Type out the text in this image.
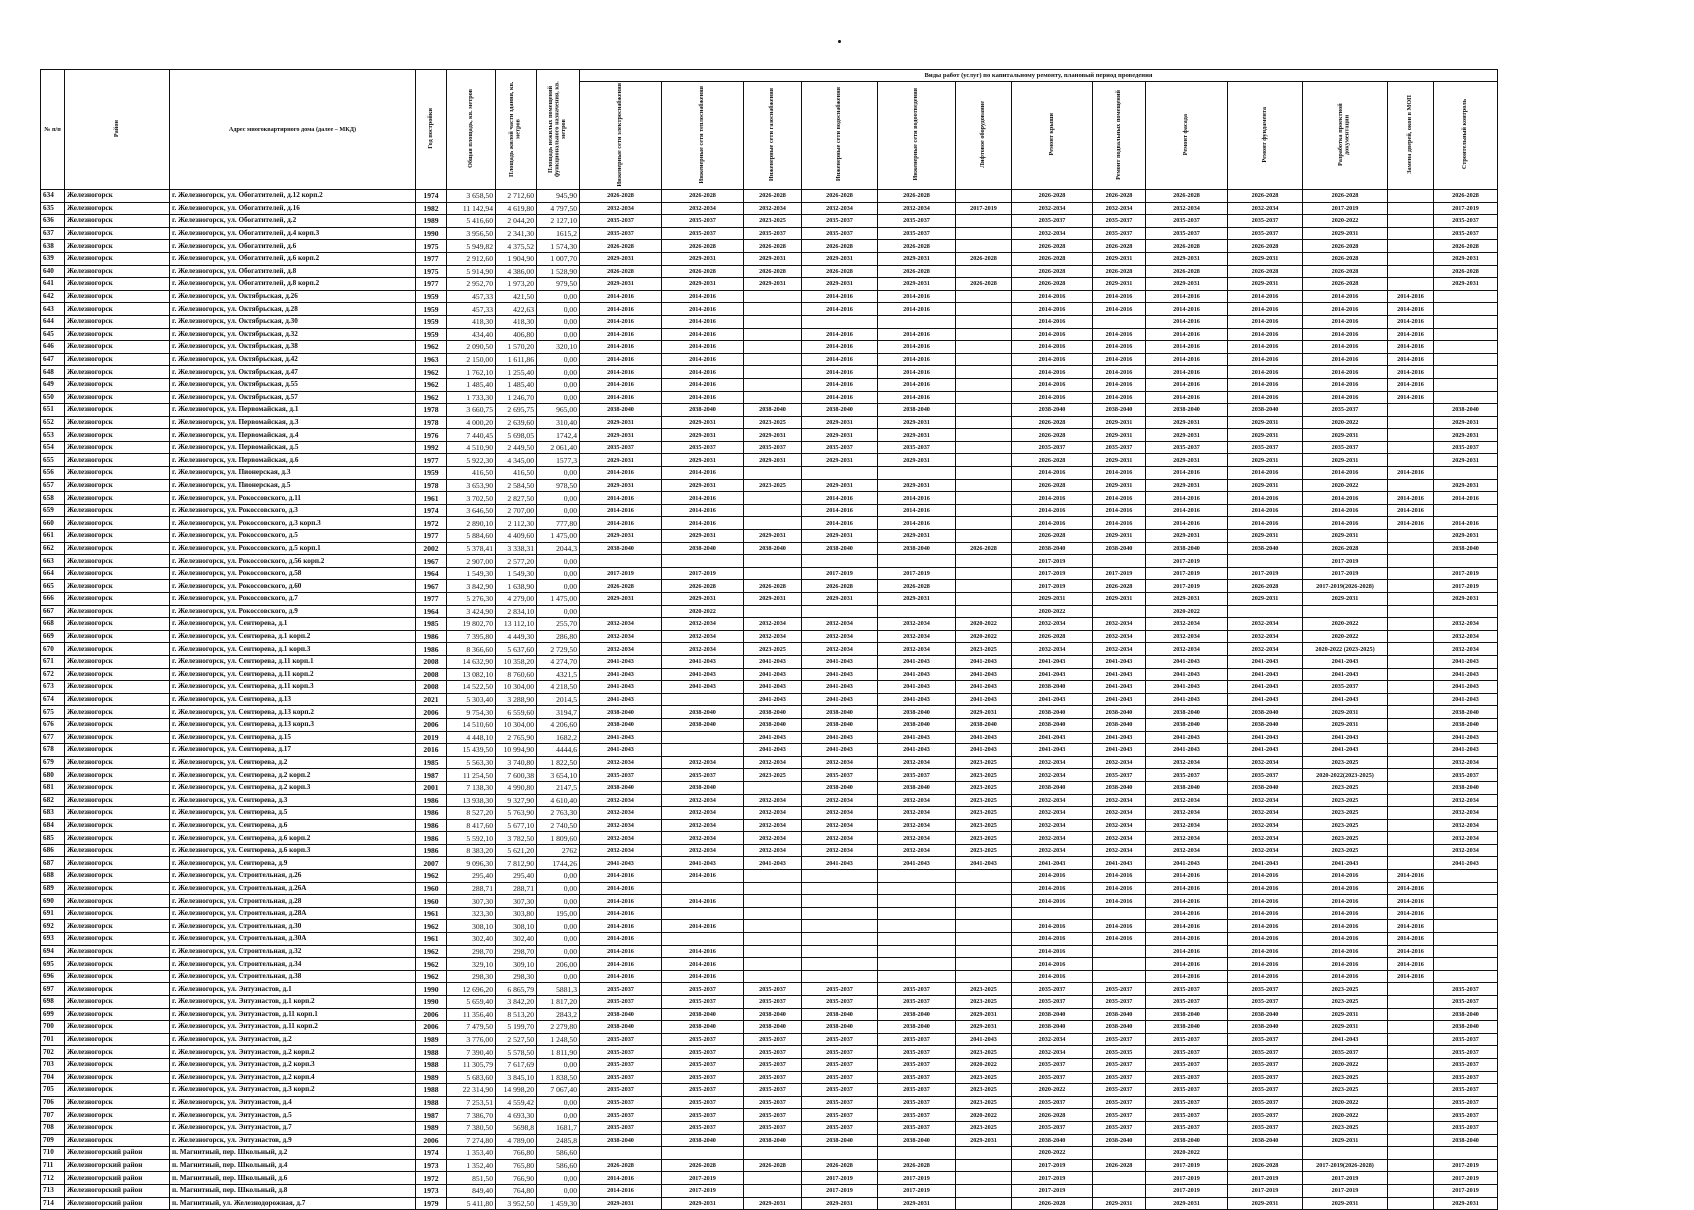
№ п/п	Район	Адрес многоквартирного дома (далее – МКД)	Год постройки	Общая площадь, кв. метров	Площадь жилой части здания, кв. метров	Площадь нежилых помещений функционального назначения, кв. метров	Виды работ (услуг) по капитальному ремонту, плановый период проведения												
							Инженерные сети электроснабжения	Инженерные сети теплоснабжения	Инженерные сети газоснабжения	Инженерные сети водоснабжения	Инженерные сети водоотведения	Лифтовое оборудование	Ремонт крыши	Ремонт подвальных помещений	Ремонт фасада	Ремонт фундамента	Разработка проектной документации	Замена дверей, окон в МОП	Строительный контроль
634	Железногорск	г. Железногорск, ул. Обогатителей, д.12 корп.2	1974	3 658,50	2 712,60	945,90	2026-2028	2026-2028	2026-2028	2026-2028	2026-2028		2026-2028	2026-2028	2026-2028	2026-2028	2026-2028		2026-2028
635	Железногорск	г. Железногорск, ул. Обогатителей, д.16	1982	11 142,94	4 619,80	4 797,50	2032-2034	2032-2034	2032-2034	2032-2034	2032-2034	2017-2019	2032-2034	2032-2034	2032-2034	2032-2034	2017-2019		2017-2019
636	Железногорск	г. Железногорск, ул. Обогатителей, д.2	1989	5 416,60	2 044,20	2 127,10	2035-2037	2035-2037	2023-2025	2035-2037	2035-2037		2035-2037	2035-2037	2035-2037	2035-2037	2020-2022		2035-2037
637	Железногорск	г. Железногорск, ул. Обогатителей, д.4 корп.3	1990	3 956,50	2 341,30	1615,2	2035-2037	2035-2037	2035-2037	2035-2037	2035-2037		2032-2034	2035-2037	2035-2037	2035-2037	2029-2031		2035-2037
638	Железногорск	г. Железногорск, ул. Обогатителей, д.6	1975	5 949,82	4 375,52	1 574,30	2026-2028	2026-2028	2026-2028	2026-2028	2026-2028		2026-2028	2026-2028	2026-2028	2026-2028	2026-2028		2026-2028
639	Железногорск	г. Железногорск, ул. Обогатителей, д.6 корп.2	1977	2 912,60	1 904,90	1 007,70	2029-2031	2029-2031	2029-2031	2029-2031	2029-2031	2026-2028	2026-2028	2029-2031	2029-2031	2029-2031	2026-2028		2029-2031
640	Железногорск	г. Железногорск, ул. Обогатителей, д.8	1975	5 914,90	4 386,00	1 528,90	2026-2028	2026-2028	2026-2028	2026-2028	2026-2028		2026-2028	2026-2028	2026-2028	2026-2028	2026-2028		2026-2028
641	Железногорск	г. Железногорск, ул. Обогатителей, д.8 корп.2	1977	2 952,70	1 973,20	979,50	2029-2031	2029-2031	2029-2031	2029-2031	2029-2031	2026-2028	2026-2028	2029-2031	2029-2031	2029-2031	2026-2028		2029-2031
642	Железногорск	г. Железногорск, ул. Октябрьская, д.26	1959	457,33	421,50	0,00	2014-2016	2014-2016		2014-2016	2014-2016		2014-2016	2014-2016	2014-2016	2014-2016	2014-2016	2014-2016	
643	Железногорск	г. Железногорск, ул. Октябрьская, д.28	1959	457,33	422,63	0,00	2014-2016	2014-2016		2014-2016	2014-2016		2014-2016	2014-2016	2014-2016	2014-2016	2014-2016	2014-2016	
644	Железногорск	г. Железногорск, ул. Октябрьская, д.30	1959	418,30	418,30	0,00	2014-2016	2014-2016					2014-2016		2014-2016	2014-2016	2014-2016	2014-2016	
645	Железногорск	г. Железногорск, ул. Октябрьская, д.32	1959	434,40	406,80	0,00	2014-2016	2014-2016		2014-2016	2014-2016		2014-2016	2014-2016	2014-2016	2014-2016	2014-2016	2014-2016	
646	Железногорск	г. Железногорск, ул. Октябрьская, д.38	1962	2 090,50	1 570,20	320,10	2014-2016	2014-2016		2014-2016	2014-2016		2014-2016	2014-2016	2014-2016	2014-2016	2014-2016	2014-2016	
647	Железногорск	г. Железногорск, ул. Октябрьская, д.42	1963	2 150,00	1 611,86	0,00	2014-2016	2014-2016		2014-2016	2014-2016		2014-2016	2014-2016	2014-2016	2014-2016	2014-2016	2014-2016	
648	Железногорск	г. Железногорск, ул. Октябрьская, д.47	1962	1 762,10	1 255,40	0,00	2014-2016	2014-2016		2014-2016	2014-2016		2014-2016	2014-2016	2014-2016	2014-2016	2014-2016	2014-2016	
649	Железногорск	г. Железногорск, ул. Октябрьская, д.55	1962	1 485,40	1 485,40	0,00	2014-2016	2014-2016		2014-2016	2014-2016		2014-2016	2014-2016	2014-2016	2014-2016	2014-2016	2014-2016	
650	Железногорск	г. Железногорск, ул. Октябрьская, д.57	1962	1 733,30	1 246,70	0,00	2014-2016	2014-2016		2014-2016	2014-2016		2014-2016	2014-2016	2014-2016	2014-2016	2014-2016	2014-2016	
651	Железногорск	г. Железногорск, ул. Первомайская, д.1	1978	3 660,75	2 695,75	965,00	2038-2040	2038-2040	2038-2040	2038-2040	2038-2040		2038-2040	2038-2040	2038-2040	2038-2040	2035-2037		2038-2040
652	Железногорск	г. Железногорск, ул. Первомайская, д.3	1978	4 000,20	2 639,60	310,40	2029-2031	2029-2031	2023-2025	2029-2031	2029-2031		2026-2028	2029-2031	2029-2031	2029-2031	2020-2022		2029-2031
653	Железногорск	г. Железногорск, ул. Первомайская, д.4	1976	7 440,45	5 698,05	1742,4	2029-2031	2029-2031	2029-2031	2029-2031	2029-2031		2026-2028	2029-2031	2029-2031	2029-2031	2029-2031		2029-2031
654	Железногорск	г. Железногорск, ул. Первомайская, д.5	1992	4 510,90	2 449,50	2 061,40	2035-2037	2035-2037	2035-2037	2035-2037	2035-2037		2035-2037	2035-2037	2035-2037	2035-2037	2035-2037		2035-2037
655	Железногорск	г. Железногорск, ул. Первомайская, д.6	1977	5 922,30	4 345,00	1577,3	2029-2031	2029-2031	2029-2031	2029-2031	2029-2031		2026-2028	2029-2031	2029-2031	2029-2031	2029-2031		2029-2031
656	Железногорск	г. Железногорск, ул. Пионерская, д.3	1959	416,50	416,50	0,00	2014-2016	2014-2016					2014-2016	2014-2016	2014-2016	2014-2016	2014-2016	2014-2016	
657	Железногорск	г. Железногорск, ул. Пионерская, д.5	1978	3 653,90	2 584,50	978,50	2029-2031	2029-2031	2023-2025	2029-2031	2029-2031		2026-2028	2029-2031	2029-2031	2029-2031	2020-2022		2029-2031
658	Железногорск	г. Железногорск, ул. Рокоссовского, д.11	1961	3 702,50	2 827,50	0,00	2014-2016	2014-2016		2014-2016	2014-2016		2014-2016	2014-2016	2014-2016	2014-2016	2014-2016	2014-2016	2014-2016
659	Железногорск	г. Железногорск, ул. Рокоссовского, д.3	1974	3 646,50	2 707,00	0,00	2014-2016	2014-2016		2014-2016	2014-2016		2014-2016	2014-2016	2014-2016	2014-2016	2014-2016	2014-2016	
660	Железногорск	г. Железногорск, ул. Рокоссовского, д.3 корп.3	1972	2 890,10	2 112,30	777,80	2014-2016	2014-2016		2014-2016	2014-2016		2014-2016	2014-2016	2014-2016	2014-2016	2014-2016	2014-2016	2014-2016
661	Железногорск	г. Железногорск, ул. Рокоссовского, д.5	1977	5 884,60	4 409,60	1 475,00	2029-2031	2029-2031	2029-2031	2029-2031	2029-2031		2026-2028	2029-2031	2029-2031	2029-2031	2029-2031		2029-2031
662	Железногорск	г. Железногорск, ул. Рокоссовского, д.5 корп.1	2002	5 378,41	3 338,31	2044,3	2038-2040	2038-2040	2038-2040	2038-2040	2038-2040	2026-2028	2038-2040	2038-2040	2038-2040	2038-2040	2026-2028		2038-2040
663	Железногорск	г. Железногорск, ул. Рокоссовского, д.56 корп.2	1967	2 907,00	2 577,20	0,00							2017-2019		2017-2019		2017-2019		
664	Железногорск	г. Железногорск, ул. Рокоссовского, д.58	1964	1 549,30	1 549,30	0,00	2017-2019	2017-2019		2017-2019	2017-2019		2017-2019	2017-2019	2017-2019	2017-2019	2017-2019		2017-2019
665	Железногорск	г. Железногорск, ул. Рокоссовского, д.60	1967	3 842,90	1 638,90	0,00	2026-2028	2026-2028	2026-2028	2026-2028	2026-2028		2017-2019	2026-2028	2017-2019	2026-2028	2017-2019(2026-2028)		2017-2019
666	Железногорск	г. Железногорск, ул. Рокоссовского, д.7	1977	5 276,30	4 279,00	1 475,00	2029-2031	2029-2031	2029-2031	2029-2031	2029-2031		2029-2031	2029-2031	2029-2031	2029-2031	2029-2031		2029-2031
667	Железногорск	г. Железногорск, ул. Рокоссовского, д.9	1964	3 424,90	2 834,10	0,00		2020-2022					2020-2022		2020-2022				
668	Железногорск	г. Железногорск, ул. Сентюрева, д.1	1985	19 802,70	13 112,10	255,70	2032-2034	2032-2034	2032-2034	2032-2034	2032-2034	2020-2022	2032-2034	2032-2034	2032-2034	2032-2034	2020-2022		2032-2034
669	Железногорск	г. Железногорск, ул. Сентюрева, д.1 корп.2	1986	7 395,80	4 449,30	286,80	2032-2034	2032-2034	2032-2034	2032-2034	2032-2034	2020-2022	2026-2028	2032-2034	2032-2034	2032-2034	2020-2022		2032-2034
670	Железногорск	г. Железногорск, ул. Сентюрева, д.1 корп.3	1986	8 366,60	5 637,60	2 729,50	2032-2034	2032-2034	2023-2025	2032-2034	2032-2034	2023-2025	2032-2034	2032-2034	2032-2034	2032-2034	2020-2022 (2023-2025)		2032-2034
671	Железногорск	г. Железногорск, ул. Сентюрева, д.11 корп.1	2008	14 632,90	10 358,20	4 274,70	2041-2043	2041-2043	2041-2043	2041-2043	2041-2043	2041-2043	2041-2043	2041-2043	2041-2043	2041-2043	2041-2043		2041-2043
672	Железногорск	г. Железногорск, ул. Сентюрева, д.11 корп.2	2008	13 082,10	8 760,60	4321,5	2041-2043	2041-2043	2041-2043	2041-2043	2041-2043	2041-2043	2041-2043	2041-2043	2041-2043	2041-2043	2041-2043		2041-2043
673	Железногорск	г. Железногорск, ул. Сентюрева, д.11 корп.3	2008	14 522,50	10 304,00	4 218,50	2041-2043	2041-2043	2041-2043	2041-2043	2041-2043	2041-2043	2038-2040	2041-2043	2041-2043	2041-2043	2035-2037		2041-2043
674	Железногорск	г. Железногорск, ул. Сентюрева, д.13	2021	5 303,40	3 288,90	2014,5	2041-2043		2041-2043	2041-2043	2041-2043	2041-2043	2041-2043	2041-2043	2041-2043	2041-2043	2041-2043		2041-2043
675	Железногорск	г. Железногорск, ул. Сентюрева, д.13 корп.2	2006	9 754,30	6 559,60	3194,7	2038-2040	2038-2040	2038-2040	2038-2040	2038-2040	2029-2031	2038-2040	2038-2040	2038-2040	2038-2040	2029-2031		2038-2040
676	Железногорск	г. Железногорск, ул. Сентюрева, д.13 корп.3	2006	14 510,60	10 304,00	4 206,60	2038-2040	2038-2040	2038-2040	2038-2040	2038-2040	2038-2040	2038-2040	2038-2040	2038-2040	2038-2040	2029-2031		2038-2040
677	Железногорск	г. Железногорск, ул. Сентюрева, д.15	2019	4 448,10	2 765,90	1682,2	2041-2043		2041-2043	2041-2043	2041-2043	2041-2043	2041-2043	2041-2043	2041-2043	2041-2043	2041-2043		2041-2043
678	Железногорск	г. Железногорск, ул. Сентюрева, д.17	2016	15 439,50	10 994,90	4444,6	2041-2043		2041-2043	2041-2043	2041-2043	2041-2043	2041-2043	2041-2043	2041-2043	2041-2043	2041-2043		2041-2043
679	Железногорск	г. Железногорск, ул. Сентюрева, д.2	1985	5 563,30	3 740,80	1 822,50	2032-2034	2032-2034	2032-2034	2032-2034	2032-2034	2023-2025	2032-2034	2032-2034	2032-2034	2032-2034	2023-2025		2032-2034
680	Железногорск	г. Железногорск, ул. Сентюрева, д.2 корп.2	1987	11 254,50	7 600,38	3 654,10	2035-2037	2035-2037	2023-2025	2035-2037	2035-2037	2023-2025	2032-2034	2035-2037	2035-2037	2035-2037	2020-2022(2023-2025)		2035-2037
681	Железногорск	г. Железногорск, ул. Сентюрева, д.2 корп.3	2001	7 138,30	4 990,80	2147,5	2038-2040	2038-2040		2038-2040	2038-2040	2023-2025	2038-2040	2038-2040	2038-2040	2038-2040	2023-2025		2038-2040
682	Железногорск	г. Железногорск, ул. Сентюрева, д.3	1986	13 938,30	9 327,90	4 610,40	2032-2034	2032-2034	2032-2034	2032-2034	2032-2034	2023-2025	2032-2034	2032-2034	2032-2034	2032-2034	2023-2025		2032-2034
683	Железногорск	г. Железногорск, ул. Сентюрева, д.5	1986	8 527,20	5 763,90	2 763,30	2032-2034	2032-2034	2032-2034	2032-2034	2032-2034	2023-2025	2032-2034	2032-2034	2032-2034	2032-2034	2023-2025		2032-2034
684	Железногорск	г. Железногорск, ул. Сентюрева, д.6	1986	8 417,60	5 677,10	2 740,50	2032-2034	2032-2034	2032-2034	2032-2034	2032-2034	2023-2025	2032-2034	2032-2034	2032-2034	2032-2034	2023-2025		2032-2034
685	Железногорск	г. Железногорск, ул. Сентюрева, д.6 корп.2	1986	5 592,10	3 782,50	1 809,60	2032-2034	2032-2034	2032-2034	2032-2034	2032-2034	2023-2025	2032-2034	2032-2034	2032-2034	2032-2034	2023-2025		2032-2034
686	Железногорск	г. Железногорск, ул. Сентюрева, д.6 корп.3	1986	8 383,20	5 621,20	2762	2032-2034	2032-2034	2032-2034	2032-2034	2032-2034	2023-2025	2032-2034	2032-2034	2032-2034	2032-2034	2023-2025		2032-2034
687	Железногорск	г. Железногорск, ул. Сентюрева, д.9	2007	9 096,30	7 812,90	1744,26	2041-2043	2041-2043	2041-2043	2041-2043	2041-2043	2041-2043	2041-2043	2041-2043	2041-2043	2041-2043	2041-2043		2041-2043
688	Железногорск	г. Железногорск, ул. Строительная, д.26	1962	295,40	295,40	0,00	2014-2016	2014-2016					2014-2016	2014-2016	2014-2016	2014-2016	2014-2016	2014-2016	
689	Железногорск	г. Железногорск, ул. Строительная, д.26А	1960	288,71	288,71	0,00	2014-2016						2014-2016	2014-2016	2014-2016	2014-2016	2014-2016	2014-2016	
690	Железногорск	г. Железногорск, ул. Строительная, д.28	1960	307,30	307,30	0,00	2014-2016	2014-2016					2014-2016	2014-2016	2014-2016	2014-2016	2014-2016	2014-2016	
691	Железногорск	г. Железногорск, ул. Строительная, д.28А	1961	323,30	303,80	195,00	2014-2016								2014-2016	2014-2016	2014-2016	2014-2016	
692	Железногорск	г. Железногорск, ул. Строительная, д.30	1962	308,10	308,10	0,00	2014-2016	2014-2016					2014-2016	2014-2016	2014-2016	2014-2016	2014-2016	2014-2016	
693	Железногорск	г. Железногорск, ул. Строительная, д.30А	1961	302,40	302,40	0,00	2014-2016						2014-2016	2014-2016	2014-2016	2014-2016	2014-2016	2014-2016	
694	Железногорск	г. Железногорск, ул. Строительная, д.32	1962	298,70	298,70	0,00	2014-2016	2014-2016					2014-2016		2014-2016	2014-2016	2014-2016	2014-2016	
695	Железногорск	г. Железногорск, ул. Строительная, д.34	1962	329,10	309,10	206,00	2014-2016	2014-2016					2014-2016		2014-2016	2014-2016	2014-2016	2014-2016	
696	Железногорск	г. Железногорск, ул. Строительная, д.38	1962	298,30	298,30	0,00	2014-2016	2014-2016					2014-2016		2014-2016	2014-2016	2014-2016	2014-2016	
697	Железногорск	г. Железногорск, ул. Энтузиастов, д.1	1990	12 696,20	6 865,79	5881,3	2035-2037	2035-2037	2035-2037	2035-2037	2035-2037	2023-2025	2035-2037	2035-2037	2035-2037	2035-2037	2023-2025		2035-2037
698	Железногорск	г. Железногорск, ул. Энтузиастов, д.1 корп.2	1990	5 659,40	3 842,20	1 817,20	2035-2037	2035-2037	2035-2037	2035-2037	2035-2037	2023-2025	2035-2037	2035-2037	2035-2037	2035-2037	2023-2025		2035-2037
699	Железногорск	г. Железногорск, ул. Энтузиастов, д.11 корп.1	2006	11 356,40	8 513,20	2843,2	2038-2040	2038-2040	2038-2040	2038-2040	2038-2040	2029-2031	2038-2040	2038-2040	2038-2040	2038-2040	2029-2031		2038-2040
700	Железногорск	г. Железногорск, ул. Энтузиастов, д.11 корп.2	2006	7 479,50	5 199,70	2 279,80	2038-2040	2038-2040	2038-2040	2038-2040	2038-2040	2029-2031	2038-2040	2038-2040	2038-2040	2038-2040	2029-2031		2038-2040
701	Железногорск	г. Железногорск, ул. Энтузиастов, д.2	1989	3 776,00	2 527,50	1 248,50	2035-2037	2035-2037	2035-2037	2035-2037	2035-2037	2041-2043	2032-2034	2035-2037	2035-2037	2035-2037	2041-2043		2035-2037
702	Железногорск	г. Железногорск, ул. Энтузиастов, д.2 корп.2	1988	7 390,40	5 578,50	1 811,90	2035-2037	2035-2037	2035-2037	2035-2037	2035-2037	2023-2025	2032-2034	2035-2035	2035-2037	2035-2037	2035-2037		2035-2037
703	Железногорск	г. Железногорск, ул. Энтузиастов, д.2 корп.3	1988	11 305,79	7 617,69	0,00	2035-2037	2035-2037	2035-2037	2035-2037	2035-2037	2020-2022	2035-2037	2035-2037	2035-2037	2035-2037	2020-2022		2035-2037
704	Железногорск	г. Железногорск, ул. Энтузиастов, д.2 корп.4	1989	5 683,60	3 845,10	1 838,50	2035-2037	2035-2037	2035-2037	2035-2037	2035-2037	2023-2025	2035-2037	2035-2037	2035-2037	2035-2037	2023-2025		2035-2037
705	Железногорск	г. Железногорск, ул. Энтузиастов, д.3 корп.2	1988	22 314,90	14 998,20	7 067,40	2035-2037	2035-2037	2035-2037	2035-2037	2035-2037	2023-2025	2020-2022	2035-2037	2035-2037	2035-2037	2023-2025		2035-2037
706	Железногорск	г. Железногорск, ул. Энтузиастов, д.4	1988	7 253,51	4 559,42	0,00	2035-2037	2035-2037	2035-2037	2035-2037	2035-2037	2023-2025	2035-2037	2035-2037	2035-2037	2035-2037	2020-2022		2035-2037
707	Железногорск	г. Железногорск, ул. Энтузиастов, д.5	1987	7 386,70	4 693,30	0,00	2035-2037	2035-2037	2035-2037	2035-2037	2035-2037	2020-2022	2026-2028	2035-2037	2035-2037	2035-2037	2020-2022		2035-2037
708	Железногорск	г. Железногорск, ул. Энтузиастов, д.7	1989	7 380,50	5698,8	1681,7	2035-2037	2035-2037	2035-2037	2035-2037	2035-2037	2023-2025	2035-2037	2035-2037	2035-2037	2035-2037	2023-2025		2035-2037
709	Железногорск	г. Железногорск, ул. Энтузиастов, д.9	2006	7 274,80	4 789,00	2485,8	2038-2040	2038-2040	2038-2040	2038-2040	2038-2040	2029-2031	2038-2040	2038-2040	2038-2040	2038-2040	2029-2031		2038-2040
710	Железногорский район	п. Магнитный, пер. Школьный, д.2	1974	1 353,40	766,80	586,60							2020-2022		2020-2022				
711	Железногорский район	п. Магнитный, пер. Школьный, д.4	1973	1 352,40	765,80	586,60	2026-2028	2026-2028	2026-2028	2026-2028	2026-2028		2017-2019	2026-2028	2017-2019	2026-2028	2017-2019(2026-2028)		2017-2019
712	Железногорский район	п. Магнитный, пер. Школьный, д.6	1972	851,50	766,90	0,00	2014-2016	2017-2019		2017-2019	2017-2019		2017-2019		2017-2019	2017-2019	2017-2019		2017-2019
713	Железногорский район	п. Магнитный, пер. Школьный, д.8	1973	849,40	764,80	0,00	2014-2016	2017-2019		2017-2019	2017-2019		2017-2019		2017-2019	2017-2019	2017-2019		2017-2019
714	Железногорский район	п. Магнитный, ул. Железнодорожная, д.7	1979	5 411,80	3 952,50	1 459,30	2029-2031	2029-2031	2029-2031	2029-2031	2029-2031		2026-2028	2029-2031	2029-2031	2029-2031	2029-2031		2029-2031
